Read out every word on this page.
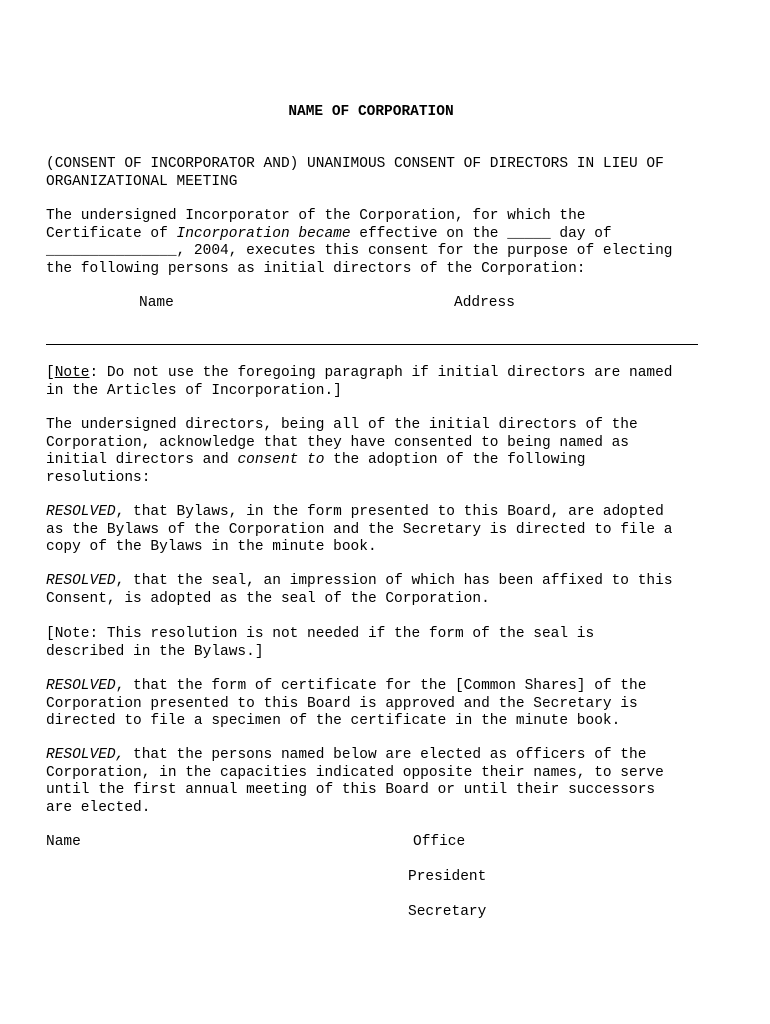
NAME OF CORPORATION
(CONSENT OF INCORPORATOR AND) UNANIMOUS CONSENT OF DIRECTORS IN LIEU OF
ORGANIZATIONAL MEETING
The undersigned Incorporator of the Corporation, for which the
Certificate of Incorporation became effective on the _____ day of
_______________, 2004, executes this consent for the purpose of electing
the following persons as initial directors of the Corporation:
Name	Address
[Note: Do not use the foregoing paragraph if initial directors are named
in the Articles of Incorporation.]
The undersigned directors, being all of the initial directors of the
Corporation, acknowledge that they have consented to being named as
initial directors and consent to the adoption of the following
resolutions:
RESOLVED, that Bylaws, in the form presented to this Board, are adopted
as the Bylaws of the Corporation and the Secretary is directed to file a
copy of the Bylaws in the minute book.
RESOLVED, that the seal, an impression of which has been affixed to this
Consent, is adopted as the seal of the Corporation.
[Note: This resolution is not needed if the form of the seal is
described in the Bylaws.]
RESOLVED, that the form of certificate for the [Common Shares] of the
Corporation presented to this Board is approved and the Secretary is
directed to file a specimen of the certificate in the minute book.
RESOLVED, that the persons named below are elected as officers of the
Corporation, in the capacities indicated opposite their names, to serve
until the first annual meeting of this Board or until their successors
are elected.
Name	Office
President
Secretary
